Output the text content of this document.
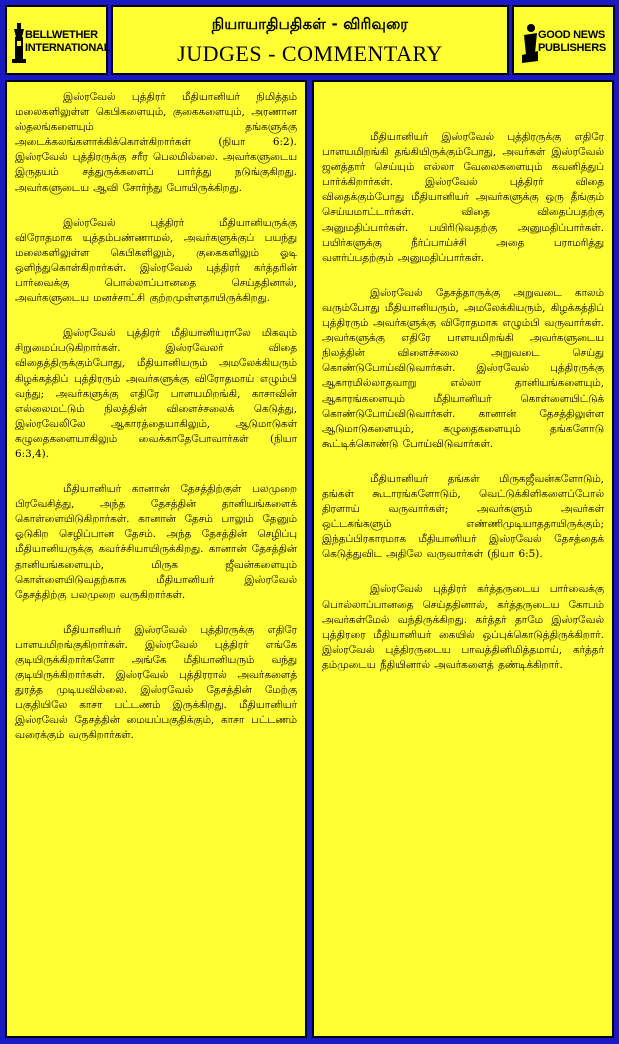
BELLWETHER
INTERNATIONAL
நியாயாதிபதிகள் - விரிவுரை
JUDGES - COMMENTARY
GOOD NEWS
PUBLISHERS

இஸ்ரவேல் புத்திரர் மீதியானியர் நிமித்தம் மலைகளிலுள்ள கெபிகளையும், குகைகளையும், அரணான ஸ்தலங்களையும் தங்களுக்கு அடைக்கலங்களாக்கிக்கொள்கிறார்கள் (நியா 6:2). இஸ்ரவேல் புத்திரருக்கு சரீர பெலமில்லை. அவர்களுடைய இருதயம் சத்துருக்களைப் பார்த்து நடுங்குகிறது. அவர்களுடைய ஆவி சோர்ந்து போயிருக்கிறது.

இஸ்ரவேல் புத்திரர் மீதியானியருக்கு விரோதமாக யுத்தம்பண்ணாமல், அவர்களுக்குப் பயந்து மலைகளிலுள்ள கெபிகளிலும், குகைகளிலும் ஓடி ஒளிந்துகொள்கிறார்கள். இஸ்ரவேல் புத்திரர் கர்த்தரின் பார்வைக்கு பொல்லாப்பானதை செய்ததினால், அவர்களுடைய மனச்சாட்சி குற்றமுள்ளதாயிருக்கிறது.

இஸ்ரவேல் புத்திரர் மீதியானியராலே மிகவும் சிறுமைப்படுகிறார்கள். இஸ்ரவேலர் விதை விதைத்திருக்கும்போது, மீதியானியரும் அமலேக்கியரும் கிழக்கத்திப் புத்திரரும் அவர்களுக்கு விரோதமாய் எழும்பி வந்து; அவர்களுக்கு எதிரே பாளயமிறங்கி, காசாவின் எல்லைமட்டும் நிலத்தின் விளைச்சலைக் கெடுத்து, இஸ்ரவேலிலே ஆகாரத்தையாகிலும், ஆடுமாடுகள் கழுதைகளையாகிலும் வைக்காதேபோவார்கள் (நியா 6:3,4).

மீதியானியர் கானான் தேசத்திற்குள் பலமுறை பிரவேசித்து, அந்த தேசத்தின் தானியங்களைக் கொள்ளையிடுகிறார்கள். கானான் தேசம் பாலும் தேனும் ஓடுகிற செழிப்பான தேசம். அந்த தேசத்தின் செழிப்பு மீதியானியருக்கு கவர்ச்சியாயிருக்கிறது. கானான் தேசத்தின் தானியங்களையும், மிருக ஜீவன்களையும் கொள்ளையிடுவதற்காக மீதியானியர் இஸ்ரவேல் தேசத்திற்கு பலமுறை வருகிறார்கள்.

மீதியானியர் இஸ்ரவேல் புத்திரருக்கு எதிரே பாளயமிறங்குகிறார்கள். இஸ்ரவேல் புத்திரர் எங்கே குடியிருக்கிறார்களோ அங்கே மீதியானியரும் வந்து குடியிருக்கிறார்கள். இஸ்ரவேல் புத்திரரால் அவர்களைத் துரத்த முடியவில்லை. இஸ்ரவேல் தேசத்தின் மேற்கு பகுதியிலே காசா பட்டணம் இருக்கிறது. மீதியானியர் இஸ்ரவேல் தேசத்தின் மையப்பகுதிக்கும், காசா பட்டணம் வரைக்கும் வருகிறார்கள்.

மீதியானியர் இஸ்ரவேல் புத்திரருக்கு எதிரே பாளயமிறங்கி தங்கியிருக்கும்போது, அவர்கள் இஸ்ரவேல் ஜனத்தார் செய்யும் எல்லா வேலைகளையும் கவனித்துப் பார்க்கிறார்கள். இஸ்ரவேல் புத்திரர் விதை விதைக்கும்போது மீதியானியர் அவர்களுக்கு ஒரு தீங்கும் செய்யமாட்டார்கள். விதை விதைப்பதற்கு அனுமதிப்பார்கள். பயிரிடுவதற்கு அனுமதிப்பார்கள். பயிர்களுக்கு நீர்ப்பாய்ச்சி அதை பராமரித்து வளர்ப்பதற்கும் அனுமதிப்பார்கள்.

இஸ்ரவேல் தேசத்தாருக்கு அறுவடை காலம் வரும்போது மீதியானியரும், அமலேக்கியரும், கிழக்கத்திப் புத்திரரும் அவர்களுக்கு விரோதமாக எழும்பி வருவார்கள். அவர்களுக்கு எதிரே பாளயமிறங்கி அவர்களுடைய நிலத்தின் விளைச்சலை அறுவடை செய்து கொண்டுபோய்விடுவார்கள். இஸ்ரவேல் புத்திரருக்கு ஆகாரமில்லாதவாறு எல்லா தானியங்களையும், ஆகாரங்களையும் மீதியானியர் கொள்ளையிட்டுக் கொண்டுபோய்விடுவார்கள். கானான் தேசத்திலுள்ள ஆடுமாடுகளையும், கழுதைகளையும் தங்களோடு கூட்டிக்கொண்டு போய்விடுவார்கள்.

மீதியானியர் தங்கள் மிருகஜீவன்களோடும், தங்கள் கூடாரங்களோடும், வெட்டுக்கிளிகளைப்போல் திரளாய் வருவார்கள்; அவர்களும் அவர்கள் ஒட்டகங்களும் எண்ணிமுடியாததாயிருக்கும்; இந்தப்பிரகாரமாக மீதியானியர் இஸ்ரவேல் தேசத்தைக் கெடுத்துவிட அதிலே வருவார்கள் (நியா 6:5).

இஸ்ரவேல் புத்திரர் கர்த்தருடைய பார்வைக்கு பொல்லாப்பானதை செய்ததினால், கர்த்தருடைய கோபம் அவர்கள்மேல் வந்திருக்கிறது. கர்த்தர் தாமே இஸ்ரவேல் புத்திரரை மீதியானியர் கையில் ஒப்புக்கொடுத்திருக்கிறார். இஸ்ரவேல் புத்திரருடைய பாவத்தினிமித்தமாய், கர்த்தர் தம்முடைய நீதியினால் அவர்களைத் தண்டிக்கிறார்.
